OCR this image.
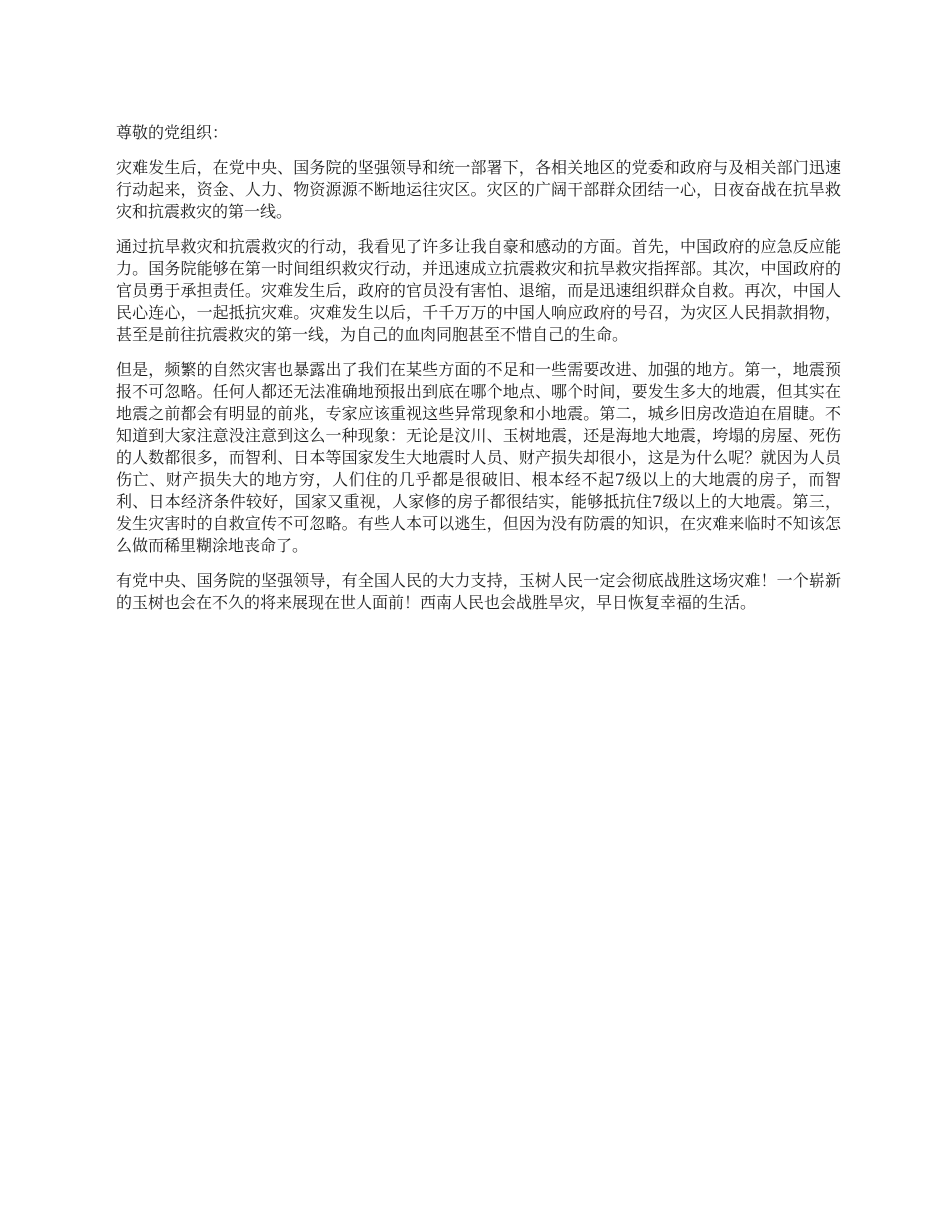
尊敬的党组织：

灾难发生后，在党中央、国务院的坚强领导和统一部署下，各相关地区的党委和政府与及相关部门迅速行动起来，资金、人力、物资源源不断地运往灾区。灾区的广阔干部群众团结一心，日夜奋战在抗旱救灾和抗震救灾的第一线。

通过抗旱救灾和抗震救灾的行动，我看见了许多让我自豪和感动的方面。首先，中国政府的应急反应能力。国务院能够在第一时间组织救灾行动，并迅速成立抗震救灾和抗旱救灾指挥部。其次，中国政府的官员勇于承担责任。灾难发生后，政府的官员没有害怕、退缩，而是迅速组织群众自救。再次，中国人民心连心，一起抵抗灾难。灾难发生以后，千千万万的中国人响应政府的号召，为灾区人民捐款捐物，甚至是前往抗震救灾的第一线，为自己的血肉同胞甚至不惜自己的生命。

但是，频繁的自然灾害也暴露出了我们在某些方面的不足和一些需要改进、加强的地方。第一，地震预报不可忽略。任何人都还无法准确地预报出到底在哪个地点、哪个时间，要发生多大的地震，但其实在地震之前都会有明显的前兆，专家应该重视这些异常现象和小地震。第二，城乡旧房改造迫在眉睫。不知道到大家注意没注意到这么一种现象：无论是汶川、玉树地震，还是海地大地震，垮塌的房屋、死伤的人数都很多，而智利、日本等国家发生大地震时人员、财产损失却很小，这是为什么呢？就因为人员伤亡、财产损失大的地方穷，人们住的几乎都是很破旧、根本经不起7级以上的大地震的房子，而智利、日本经济条件较好，国家又重视，人家修的房子都很结实，能够抵抗住7级以上的大地震。第三，发生灾害时的自救宣传不可忽略。有些人本可以逃生，但因为没有防震的知识，在灾难来临时不知该怎么做而稀里糊涂地丧命了。

有党中央、国务院的坚强领导，有全国人民的大力支持，玉树人民一定会彻底战胜这场灾难！一个崭新的玉树也会在不久的将来展现在世人面前！西南人民也会战胜旱灾，早日恢复幸福的生活。
